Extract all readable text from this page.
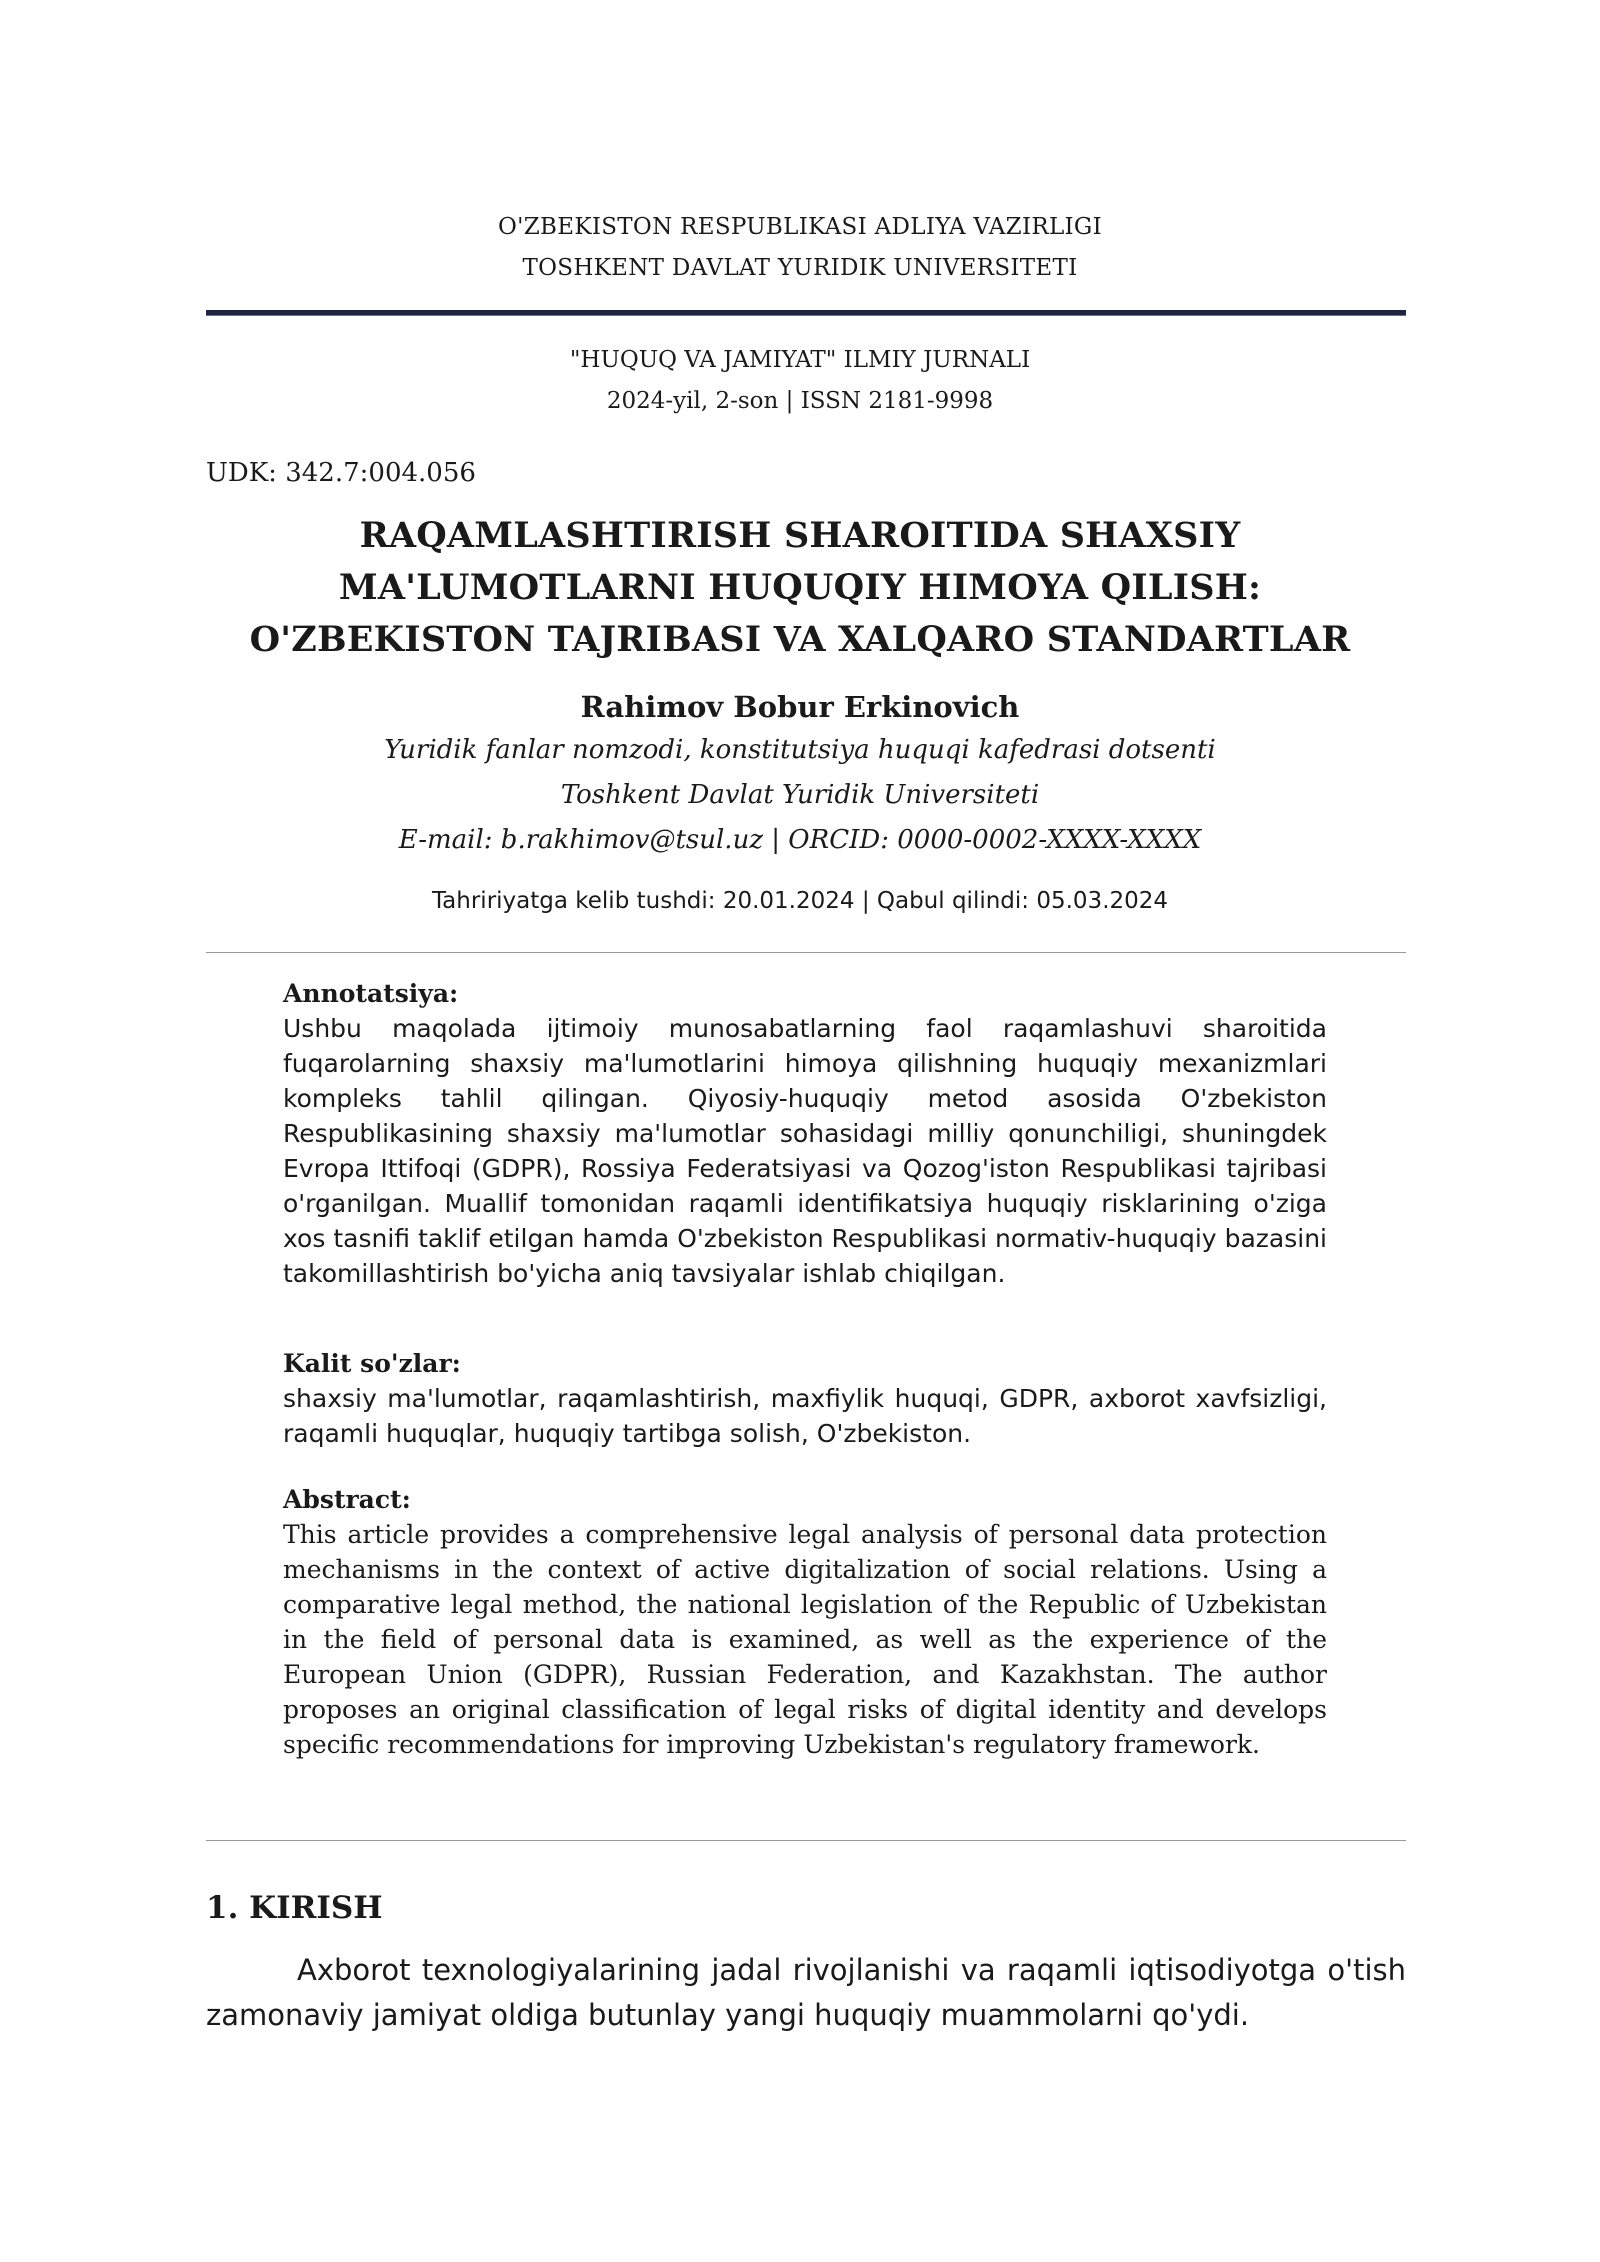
O'ZBEKISTON RESPUBLIKASI ADLIYA VAZIRLIGI
TOSHKENT DAVLAT YURIDIK UNIVERSITETI
"HUQUQ VA JAMIYAT" ILMIY JURNALI
2024-yil, 2-son | ISSN 2181-9998
UDK: 342.7:004.056
RAQAMLASHTIRISH SHAROITIDA SHAXSIY
MA'LUMOTLARNI HUQUQIY HIMOYA QILISH:
O'ZBEKISTON TAJRIBASI VA XALQARO STANDARTLAR
Rahimov Bobur Erkinovich
Yuridik fanlar nomzodi, konstitutsiya huquqi kafedrasi dotsenti
Toshkent Davlat Yuridik Universiteti
E-mail: b.rakhimov@tsul.uz | ORCID: 0000-0002-XXXX-XXXX
Tahririyatga kelib tushdi: 20.01.2024 | Qabul qilindi: 05.03.2024
Annotatsiya:

Ushbu maqolada ijtimoiy munosabatlarning faol raqamlashuvi sharoitida fuqarolarning shaxsiy ma'lumotlarini himoya qilishning huquqiy mexanizmlari kompleks tahlil qilingan. Qiyosiy-huquqiy metod asosida O'zbekiston Respublikasining shaxsiy ma'lumotlar sohasidagi milliy qonunchiligi, shuningdek Evropa Ittifoqi (GDPR), Rossiya Federatsiyasi va Qozog'iston Respublikasi tajribasi o'rganilgan. Muallif tomonidan raqamli identifikatsiya huquqiy risklarining o'ziga xos tasnifi taklif etilgan hamda O'zbekiston Respublikasi normativ-huquqiy bazasini takomillashtirish bo'yicha aniq tavsiyalar ishlab chiqilgan.

Kalit so'zlar:

shaxsiy ma'lumotlar, raqamlashtirish, maxfiylik huquqi, GDPR, axborot xavfsizligi, raqamli huquqlar, huquqiy tartibga solish, O'zbekiston.

Abstract:

This article provides a comprehensive legal analysis of personal data protection mechanisms in the context of active digitalization of social relations. Using a comparative legal method, the national legislation of the Republic of Uzbekistan in the field of personal data is examined, as well as the experience of the European Union (GDPR), Russian Federation, and Kazakhstan. The author proposes an original classification of legal risks of digital identity and develops specific recommendations for improving Uzbekistan's regulatory framework.

1. KIRISH
Axborot texnologiyalarining jadal rivojlanishi va raqamli iqtisodiyotga o'tish zamonaviy jamiyat oldiga butunlay yangi huquqiy muammolarni qo'ydi.
